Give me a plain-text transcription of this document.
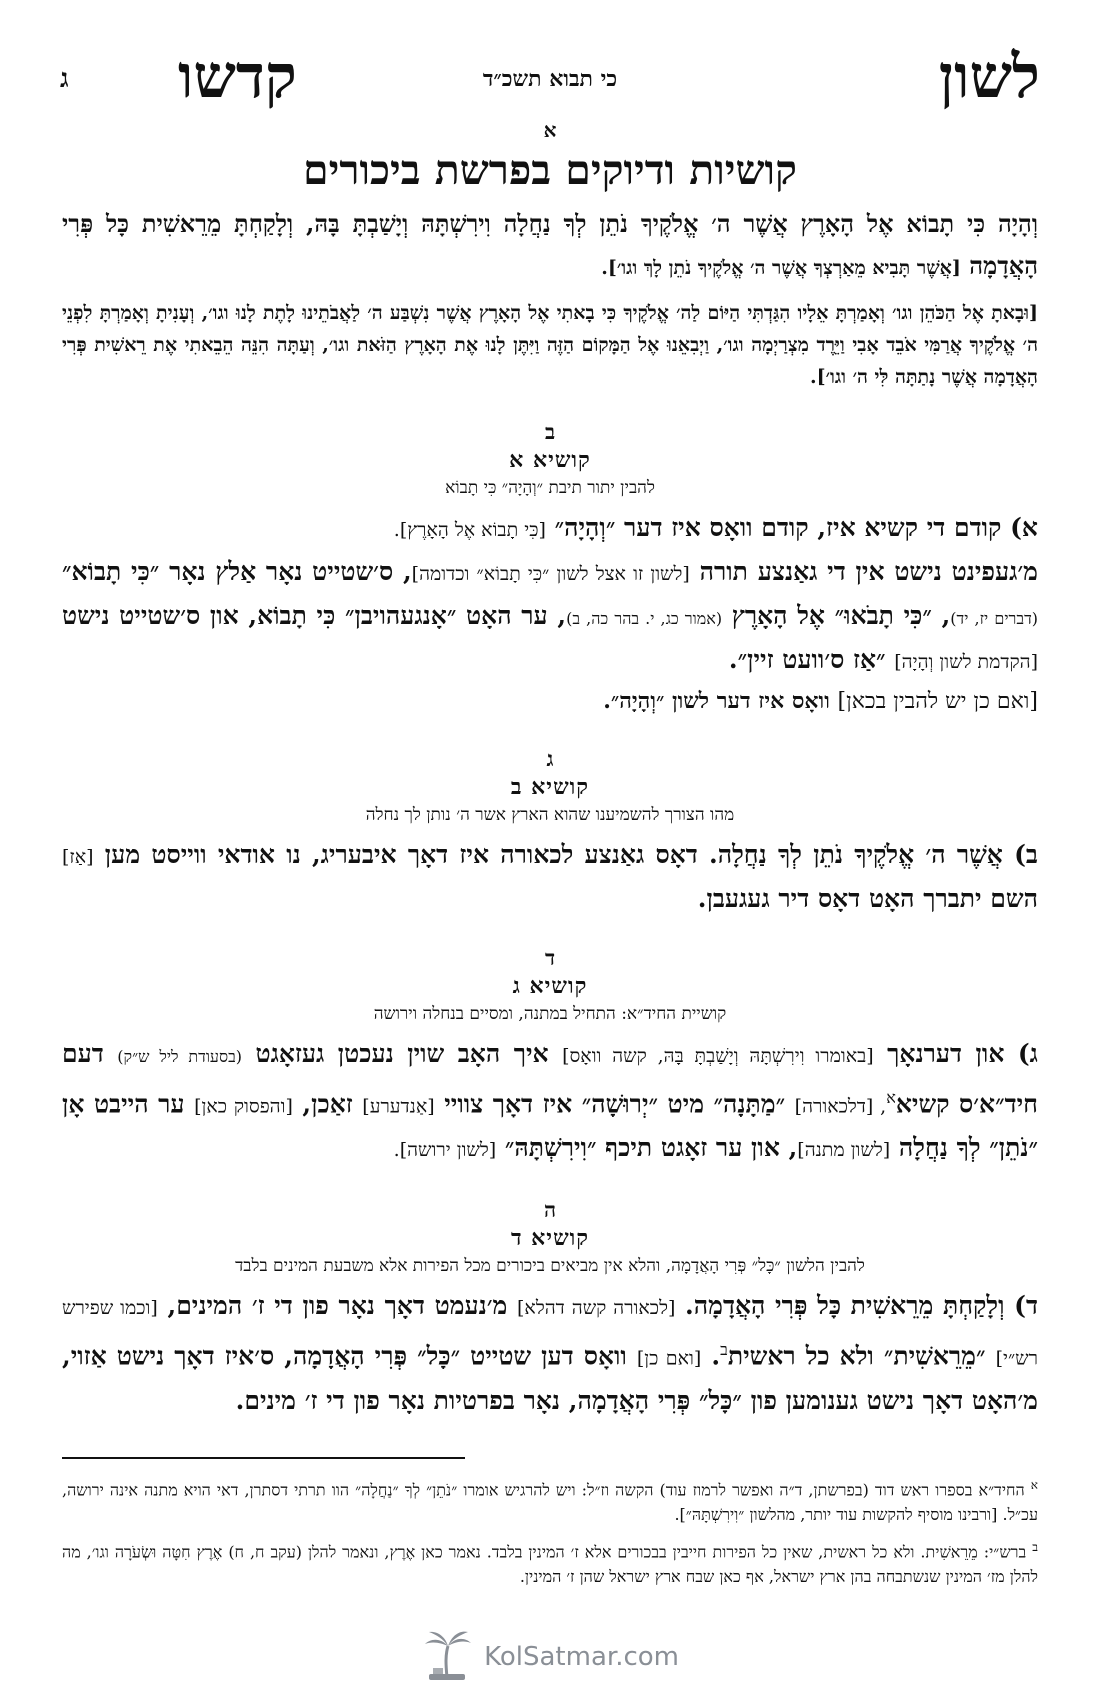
לשון
קדשו	כי תבוא תשכ״ד
ג
א
קושיות ודיוקים בפרשת ביכורים
וְהָיָה כִּי תָבוֹא אֶל הָאָרֶץ אֲשֶׁר ה׳ אֱלֹקֶיךָ נֹתֵן לְךָ נַחֲלָה וִירִשְׁתָּהּ וְיָשַׁבְתָּ בָּהּ, וְלָקַחְתָּ מֵרֵאשִׁית כָּל פְּרִי הָאֲדָמָה [אֲשֶׁר תָּבִיא מֵאַרְצְךָ אֲשֶׁר ה׳ אֱלֹקֶיךָ נֹתֵן לָךְ וגו׳].
[וּבָאתָ אֶל הַכֹּהֵן וגו׳ וְאָמַרְתָּ אֵלָיו הִגַּדְתִּי הַיּוֹם לַה׳ אֱלֹקֶיךָ כִּי בָאתִי אֶל הָאָרֶץ אֲשֶׁר נִשְׁבַּע ה׳ לַאֲבֹתֵינוּ לָתֶת לָנוּ וגו׳, וְעָנִיתָ וְאָמַרְתָּ לִפְנֵי ה׳ אֱלֹקֶיךָ אֲרַמִּי אֹבֵד אָבִי וַיֵּרֶד מִצְרַיְמָה וגו׳, וַיְבִאֵנוּ אֶל הַמָּקוֹם הַזֶּה וַיִּתֶּן לָנוּ אֶת הָאָרֶץ הַזֹּאת וגו׳, וְעַתָּה הִנֵּה הֵבֵאתִי אֶת רֵאשִׁית פְּרִי הָאֲדָמָה אֲשֶׁר נָתַתָּה לִּי ה׳ וגו׳].
ב
קושיא א
להבין יתור תיבת ״וְהָיָה״ כִּי תָבוֹא
א) קודם די קשיא איז, קודם וואָס איז דער ״וְהָיָה״ [כִּי תָבוֹא אֶל הָאָרֶץ].
מ׳געפינט נישט אין די גאַנצע תורה [לשון זו אצל לשון ״כִּי תָבוֹא״ וכדומה], ס׳שטייט נאָר אַלץ נאָר ״כִּי תָבוֹא״ (דברים יז, יד), ״כִּי תָבֹאוּ״ אֶל הָאָרֶץ (אמור כג, י. בהר כה, ב), ער האָט ״אָנגעהויבן״ כִּי תָבוֹא, און ס׳שטייט נישט [הקדמת לשון וְהָיָה] ״אַז ס׳וועט זיין״.
[ואם כן יש להבין בכאן] וואָס איז דער לשון ״וְהָיָה״.
ג
קושיא ב
מהו הצורך להשמיענו שהוא הארץ אשר ה׳ נותן לך נחלה
ב) אֲשֶׁר ה׳ אֱלֹקֶיךָ נֹתֵן לְךָ נַחֲלָה. דאָס גאַנצע לכאורה איז דאָך איבעריג, נו אודאי ווייסט מען [אַז] השם יתברך האָט דאָס דיר געגעבן.
ד
קושיא ג
קושיית החיד״א: התחיל במתנה, ומסיים בנחלה וירושה
ג) און דערנאָך [באומרו וִירִשְׁתָּהּ וְיָשַׁבְתָּ בָּהּ, קשה וואָס] איך האָב שוין נעכטן געזאָגט (בסעודת ליל ש״ק) דעם חיד״א׳ס קשיא$^א$, [דלכאורה] ״מַתָּנָה״ מיט ״יְרוּשָׁה״ איז דאָך צוויי [אַנדערע] זאַכן, [והפסוק כאן] ער הייבט אָן ״נֹתֵן״ לְךָ נַחֲלָה [לשון מתנה], און ער זאָגט תיכף ״וִירִשְׁתָּהּ״ [לשון ירושה].
ה
קושיא ד
להבין הלשון ״כָּל״ פְּרִי הָאֲדָמָה, והלא אין מביאים ביכורים מכל הפירות אלא משבעת המינים בלבד
ד) וְלָקַחְתָּ מֵרֵאשִׁית כָּל פְּרִי הָאֲדָמָה. [לכאורה קשה דהלא] מ׳נעמט דאָך נאָר פון די ז׳ המינים, [וכמו שפירש רש״י] ״מֵרֵאשִׁית״ ולא כל ראשית$^ב$. [ואם כן] וואָס דען שטייט ״כָּל״ פְּרִי הָאֲדָמָה, ס׳איז דאָך נישט אַזוי, מ׳האָט דאָך נישט גענומען פון ״כָּל״ פְּרִי הָאֲדָמָה, נאָר בפרטיות נאָר פון די ז׳ מינים.
$^א$ החיד״א בספרו ראש דוד (בפרשתן, ד״ה ואפשר לרמוז עוד) הקשה וז״ל: ויש להרגיש אומרו ״נֹתֵן״ לְךָ ״נַחֲלָה״ הוו תרתי דסתרן, דאי הויא מתנה אינה ירושה, עכ״ל. [ורבינו מוסיף להקשות עוד יותר, מהלשון ״וִירִשְׁתָּהּ״].
$^ב$ ברש״י: מֵרֵאשִׁית. ולא כל ראשית, שאין כל הפירות חייבין בבכורים אלא ז׳ המינין בלבד. נאמר כאן אֶרֶץ, ונאמר להלן (עקב ח, ח) אֶרֶץ חִטָּה וּשְׂעֹרָה וגו׳, מה להלן מז׳ המינין שנשתבחה בהן ארץ ישראל, אף כאן שבח ארץ ישראל שהן ז׳ המינין.
KolSatmar.com
